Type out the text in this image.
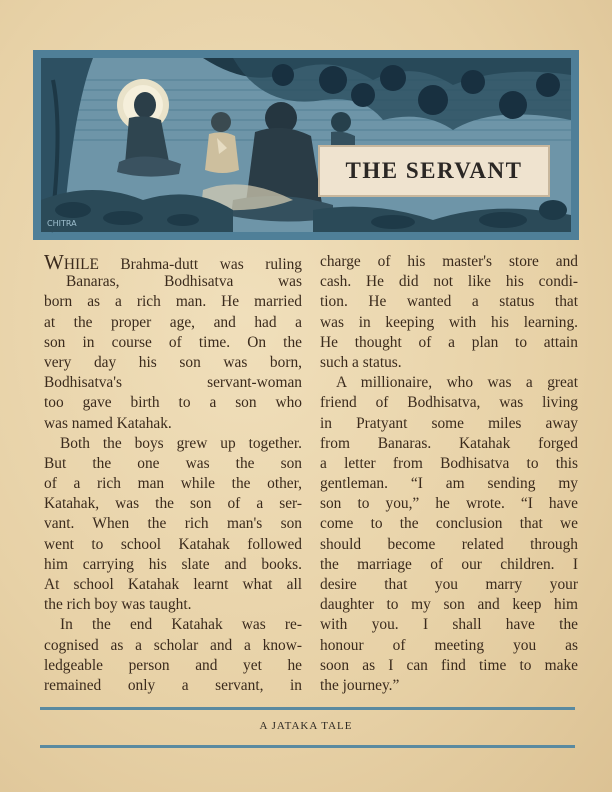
CHITRA
THE SERVANT
WHILE Brahma-dutt was ruling
Banaras, Bodhisatva was
born as a rich man. He married
at the proper age, and had a
son in course of time. On the
very day his son was born,
Bodhisatva's servant-woman
too gave birth to a son who
was named Katahak.
Both the boys grew up together.
But the one was the son
of a rich man while the other,
Katahak, was the son of a ser-
vant. When the rich man's son
went to school Katahak followed
him carrying his slate and books.
At school Katahak learnt what all
the rich boy was taught.
In the end Katahak was re-
cognised as a scholar and a know-
ledgeable person and yet he
remained only a servant, in
charge of his master's store and
cash. He did not like his condi-
tion. He wanted a status that
was in keeping with his learning.
He thought of a plan to attain
such a status.
A millionaire, who was a great
friend of Bodhisatva, was living
in Pratyant some miles away
from Banaras. Katahak forged
a letter from Bodhisatva to this
gentleman. “I am sending my
son to you,” he wrote. “I have
come to the conclusion that we
should become related through
the marriage of our children. I
desire that you marry your
daughter to my son and keep him
with you. I shall have the
honour of meeting you as
soon as I can find time to make
the journey.”
A JATAKA TALE
